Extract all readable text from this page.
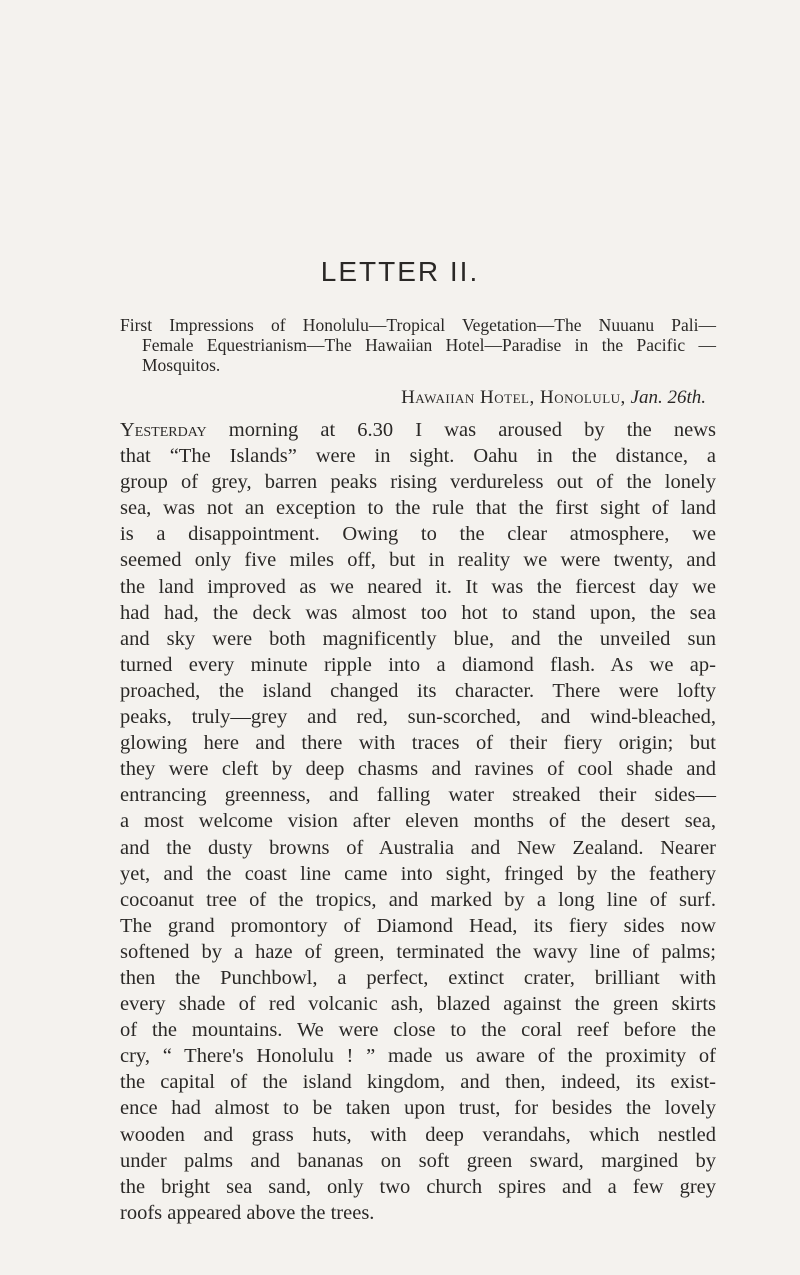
LETTER II.

First Impressions of Honolulu—Tropical Vegetation—The Nuuanu Pali—
Female Equestrianism—The Hawaiian Hotel—Paradise in the Pacific —Mosquitos.

Hawaiian Hotel, Honolulu, Jan. 26th.

Yesterday morning at 6.30 I was aroused by the news
that “The Islands” were in sight. Oahu in the distance, a
group of grey, barren peaks rising verdureless out of the lonely
sea, was not an exception to the rule that the first sight of land
is a disappointment. Owing to the clear atmosphere, we
seemed only five miles off, but in reality we were twenty, and
the land improved as we neared it. It was the fiercest day we
had had, the deck was almost too hot to stand upon, the sea
and sky were both magnificently blue, and the unveiled sun
turned every minute ripple into a diamond flash. As we ap-
proached, the island changed its character. There were lofty
peaks, truly—grey and red, sun-scorched, and wind-bleached,
glowing here and there with traces of their fiery origin; but
they were cleft by deep chasms and ravines of cool shade and
entrancing greenness, and falling water streaked their sides—
a most welcome vision after eleven months of the desert sea,
and the dusty browns of Australia and New Zealand. Nearer
yet, and the coast line came into sight, fringed by the feathery
cocoanut tree of the tropics, and marked by a long line of surf.
The grand promontory of Diamond Head, its fiery sides now
softened by a haze of green, terminated the wavy line of palms;
then the Punchbowl, a perfect, extinct crater, brilliant with
every shade of red volcanic ash, blazed against the green skirts
of the mountains. We were close to the coral reef before the
cry, “ There's Honolulu ! ” made us aware of the proximity of
the capital of the island kingdom, and then, indeed, its exist-
ence had almost to be taken upon trust, for besides the lovely
wooden and grass huts, with deep verandahs, which nestled
under palms and bananas on soft green sward, margined by
the bright sea sand, only two church spires and a few grey
roofs appeared above the trees.
